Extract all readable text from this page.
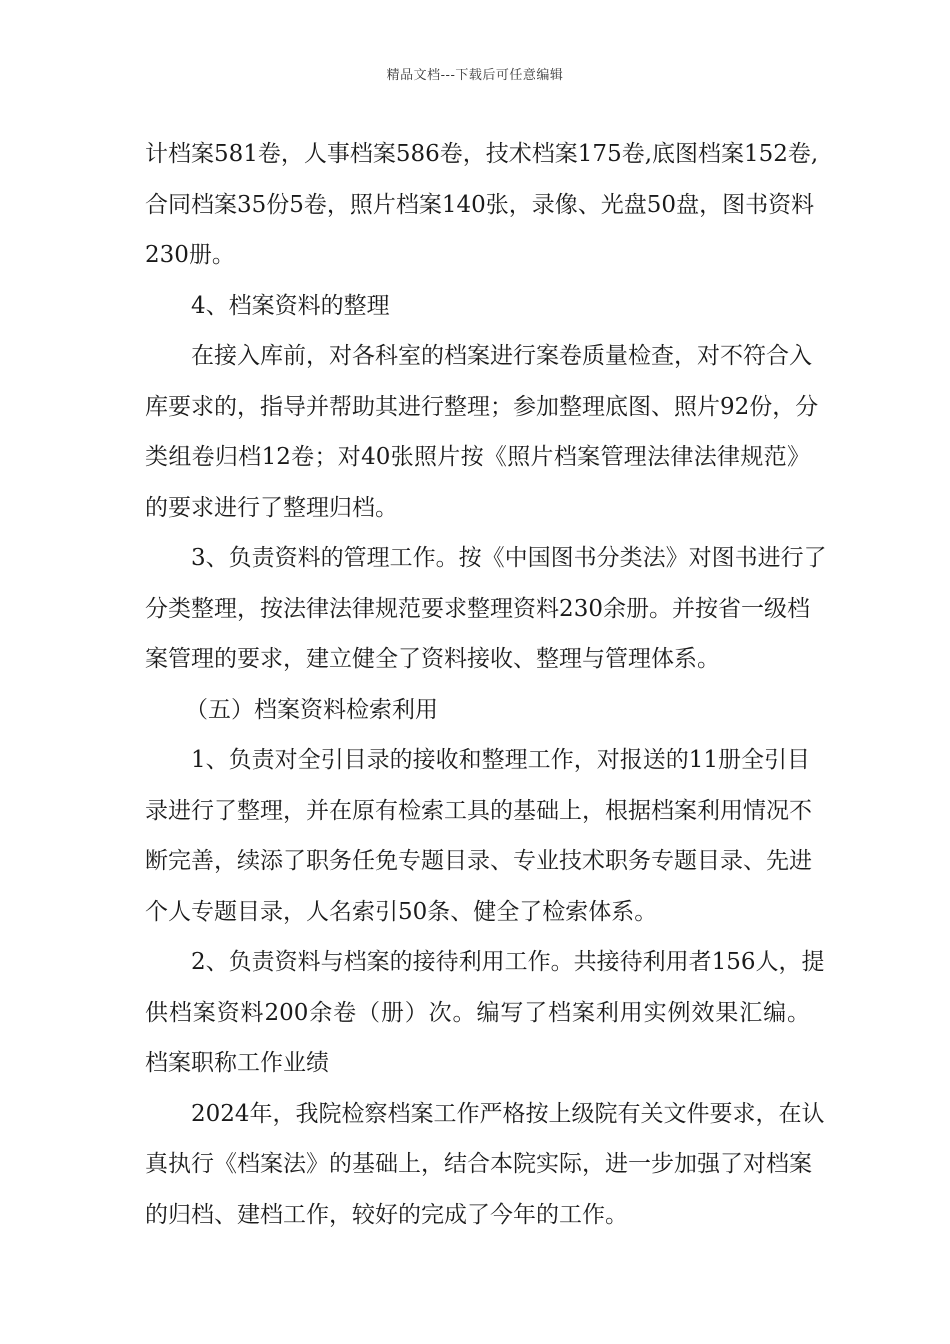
精品文档---下载后可任意编辑
计档案581卷，人事档案586卷，技术档案175卷,底图档案152卷,
合同档案35份5卷，照片档案140张，录像、光盘50盘，图书资料
230册。
4、档案资料的整理
在接入库前，对各科室的档案进行案卷质量检查，对不符合入
库要求的，指导并帮助其进行整理；参加整理底图、照片92份，分
类组卷归档12卷；对40张照片按《照片档案管理法律法律规范》
的要求进行了整理归档。
3、负责资料的管理工作。按《中国图书分类法》对图书进行了
分类整理，按法律法律规范要求整理资料230余册。并按省一级档
案管理的要求，建立健全了资料接收、整理与管理体系。
（五）档案资料检索利用
1、负责对全引目录的接收和整理工作，对报送的11册全引目
录进行了整理，并在原有检索工具的基础上，根据档案利用情况不
断完善，续添了职务任免专题目录、专业技术职务专题目录、先进
个人专题目录，人名索引50条、健全了检索体系。
2、负责资料与档案的接待利用工作。共接待利用者156人，提
供档案资料200余卷（册）次。编写了档案利用实例效果汇编。
档案职称工作业绩
2024年，我院检察档案工作严格按上级院有关文件要求，在认
真执行《档案法》的基础上，结合本院实际，进一步加强了对档案
的归档、建档工作，较好的完成了今年的工作。
